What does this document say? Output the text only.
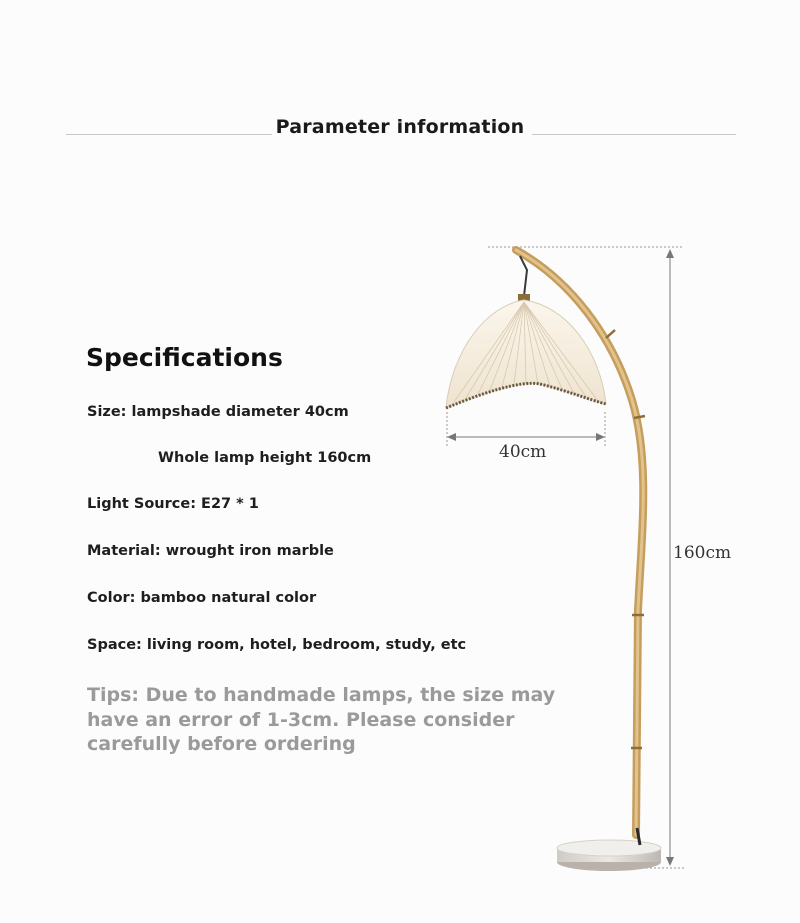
Parameter information
Specifications
Size: lampshade diameter 40cm
Whole lamp height 160cm
Light Source: E27 * 1
Material: wrought iron marble
Color: bamboo natural color
Space: living room, hotel, bedroom, study, etc
Tips: Due to handmade lamps, the size may have an error of 1-3cm. Please consider carefully before ordering
40cm
160cm
